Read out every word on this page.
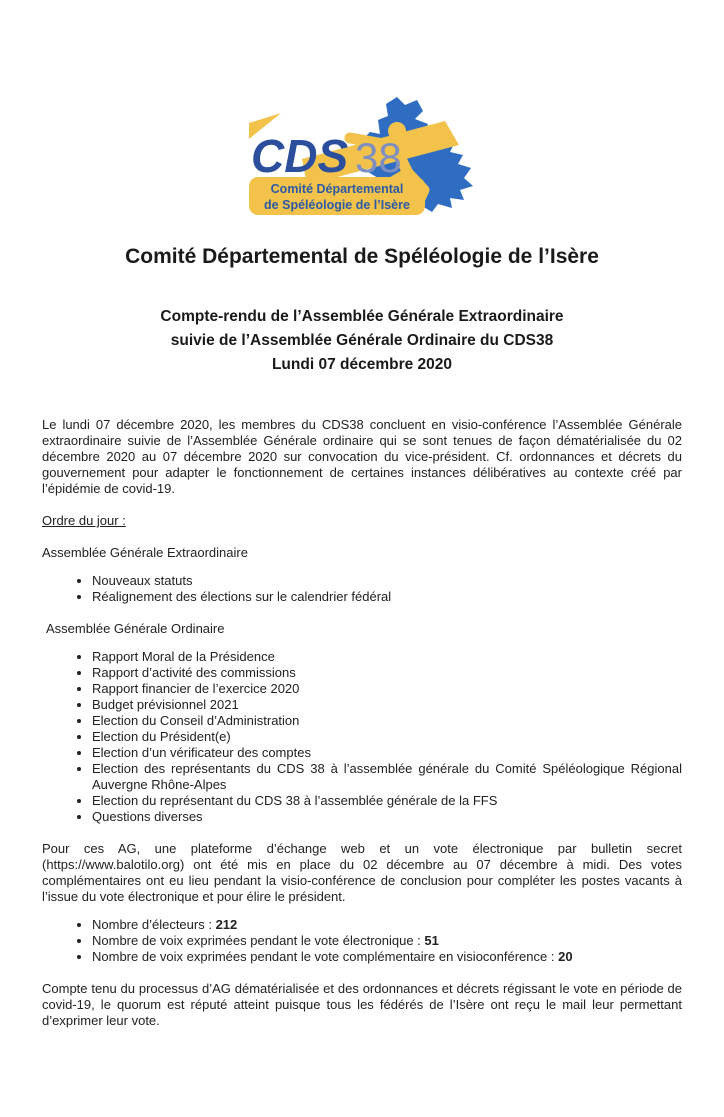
CDS 38
Comité Départemental
de Spéléologie de l’Isère
Comité Départemental de Spéléologie de l’Isère
Compte-rendu de l’Assemblée Générale Extraordinaire
suivie de l’Assemblée Générale Ordinaire du CDS38
Lundi 07 décembre 2020

Le lundi 07 décembre 2020, les membres du CDS38 concluent en visio-conférence l’Assemblée Générale extraordinaire suivie de l’Assemblée Générale ordinaire qui se sont tenues de façon dématérialisée du 02 décembre 2020 au 07 décembre 2020 sur convocation du vice-président. Cf. ordonnances et décrets du gouvernement pour adapter le fonctionnement de certaines instances délibératives au contexte créé par l’épidémie de covid-19.

Ordre du jour :

Assemblée Générale Extraordinaire

• Nouveaux statuts
• Réalignement des élections sur le calendrier fédéral

Assemblée Générale Ordinaire

• Rapport Moral de la Présidence
• Rapport d’activité des commissions
• Rapport financier de l’exercice 2020
• Budget prévisionnel 2021
• Election du Conseil d’Administration
• Election du Président(e)
• Election d’un vérificateur des comptes
• Election des représentants du CDS 38 à l’assemblée générale du Comité Spéléologique Régional Auvergne Rhône-Alpes
• Election du représentant du CDS 38 à l’assemblée générale de la FFS
• Questions diverses

Pour ces AG, une plateforme d’échange web et un vote électronique par bulletin secret (https://www.balotilo.org) ont été mis en place du 02 décembre au 07 décembre à midi. Des votes complémentaires ont eu lieu pendant la visio-conférence de conclusion pour compléter les postes vacants à l’issue du vote électronique et pour élire le président.

• Nombre d’électeurs : 212
• Nombre de voix exprimées pendant le vote électronique : 51
• Nombre de voix exprimées pendant le vote complémentaire en visioconférence : 20

Compte tenu du processus d’AG dématérialisée et des ordonnances et décrets régissant le vote en période de covid-19, le quorum est réputé atteint puisque tous les fédérés de l’Isère ont reçu le mail leur permettant d’exprimer leur vote.
